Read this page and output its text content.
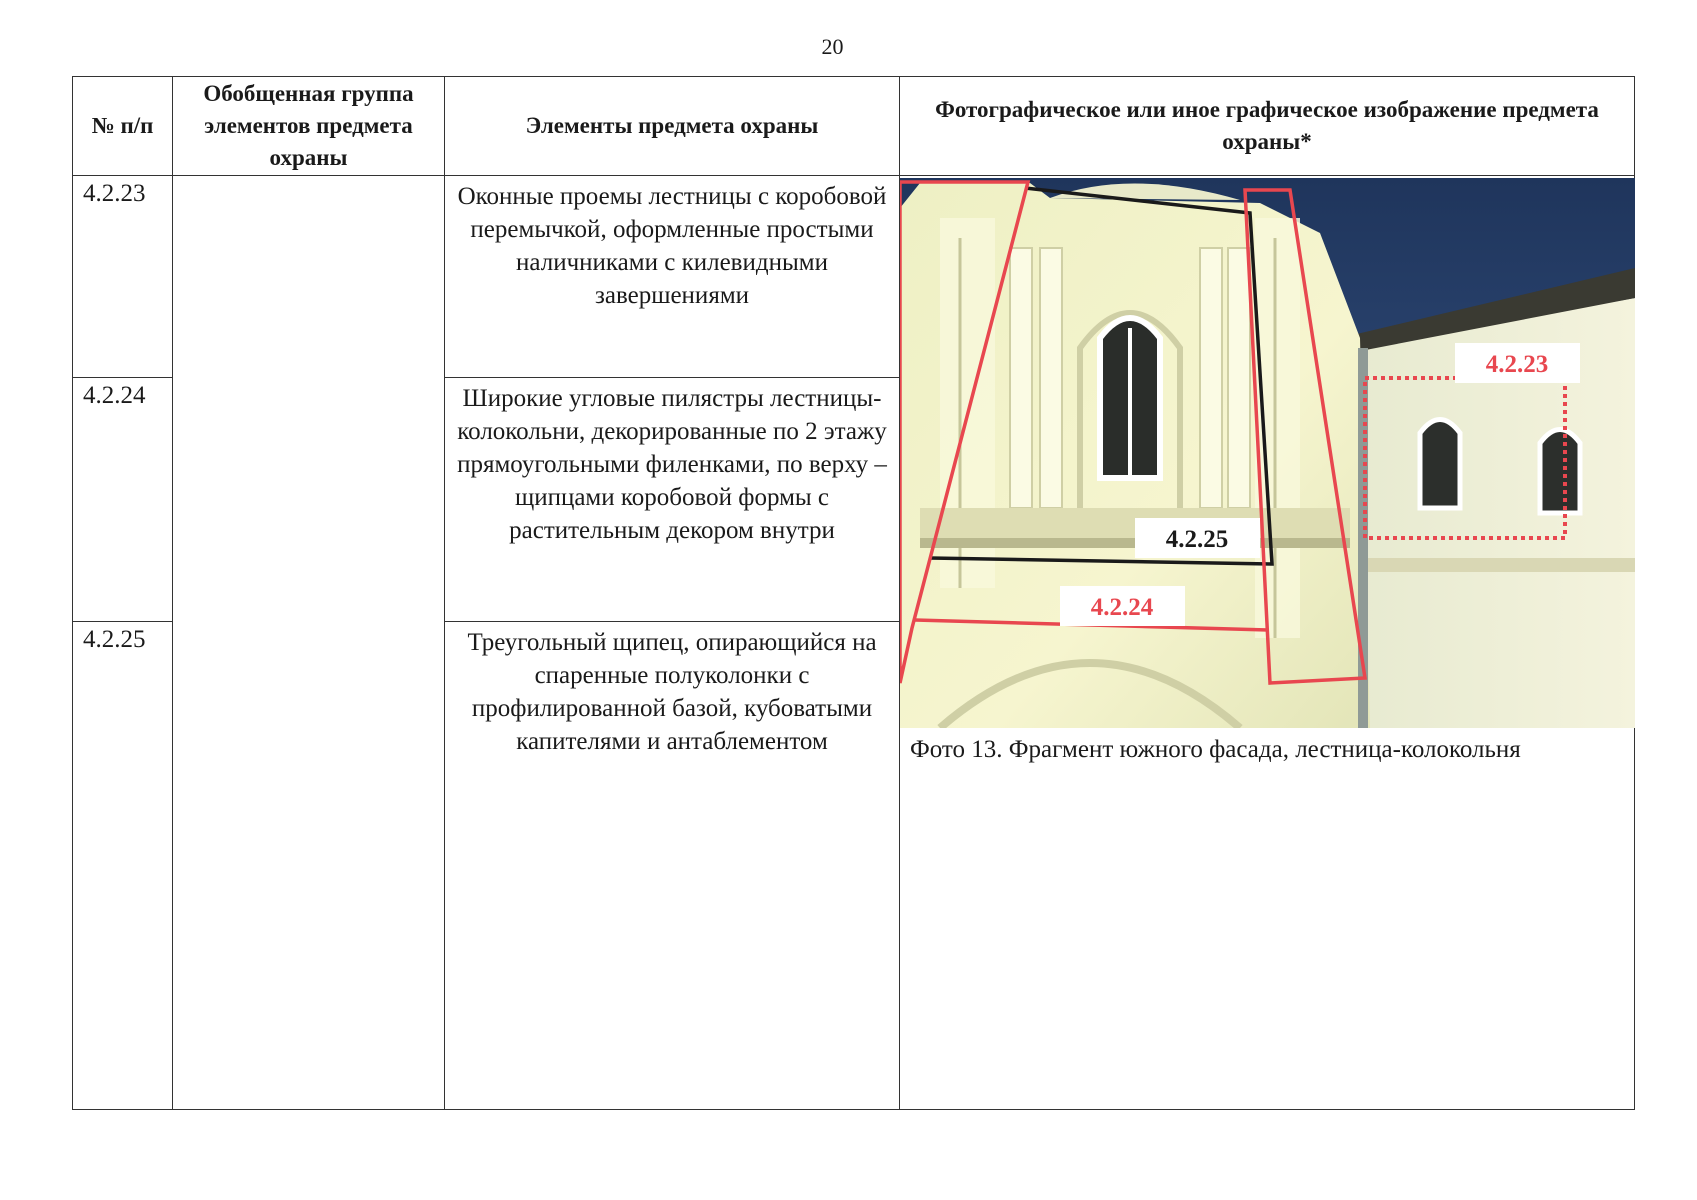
20
№ п/п	Обобщенная группа элементов предмета охраны	Элементы предмета охраны	Фотографическое или иное графическое изображение предмета охраны*
4.2.23		Оконные проемы лестницы с коробовой перемычкой, оформленные простыми наличниками с килевидными завершениями	4.2.23
4.2.25
4.2.24
Фото 13. Фрагмент южного фасада, лестница-колокольня

4.2.24		Широкие угловые пилястры лестницы-колокольни, декорированные по 2 этажу прямоугольными филенками, по верху – щипцами коробовой формы с растительным декором внутри	
4.2.25		Треугольный щипец, опирающийся на спаренные полуколонки с профилированной базой, кубоватыми капителями и антаблементом	
